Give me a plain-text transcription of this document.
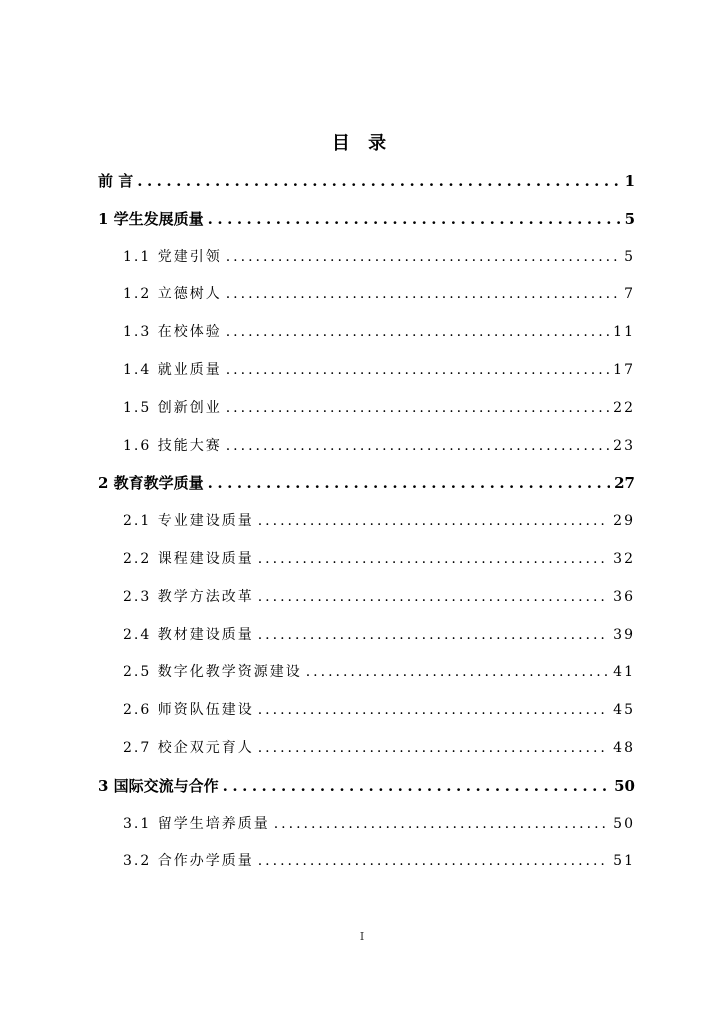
目 录
前 言 .....	1
1 学生发展质量 .....	5
1.1 党建引领 .....	5
1.2 立德树人 .....	7
1.3 在校体验 .....	11
1.4 就业质量 .....	17
1.5 创新创业 .....	22
1.6 技能大赛 .....	23
2 教育教学质量 .....	27
2.1 专业建设质量 .....	29
2.2 课程建设质量 .....	32
2.3 教学方法改革 .....	36
2.4 教材建设质量 .....	39
2.5 数字化教学资源建设 .....	41
2.6 师资队伍建设 .....	45
2.7 校企双元育人 .....	48
3 国际交流与合作 .....	50
3.1 留学生培养质量 .....	50
3.2 合作办学质量 .....	51
I
